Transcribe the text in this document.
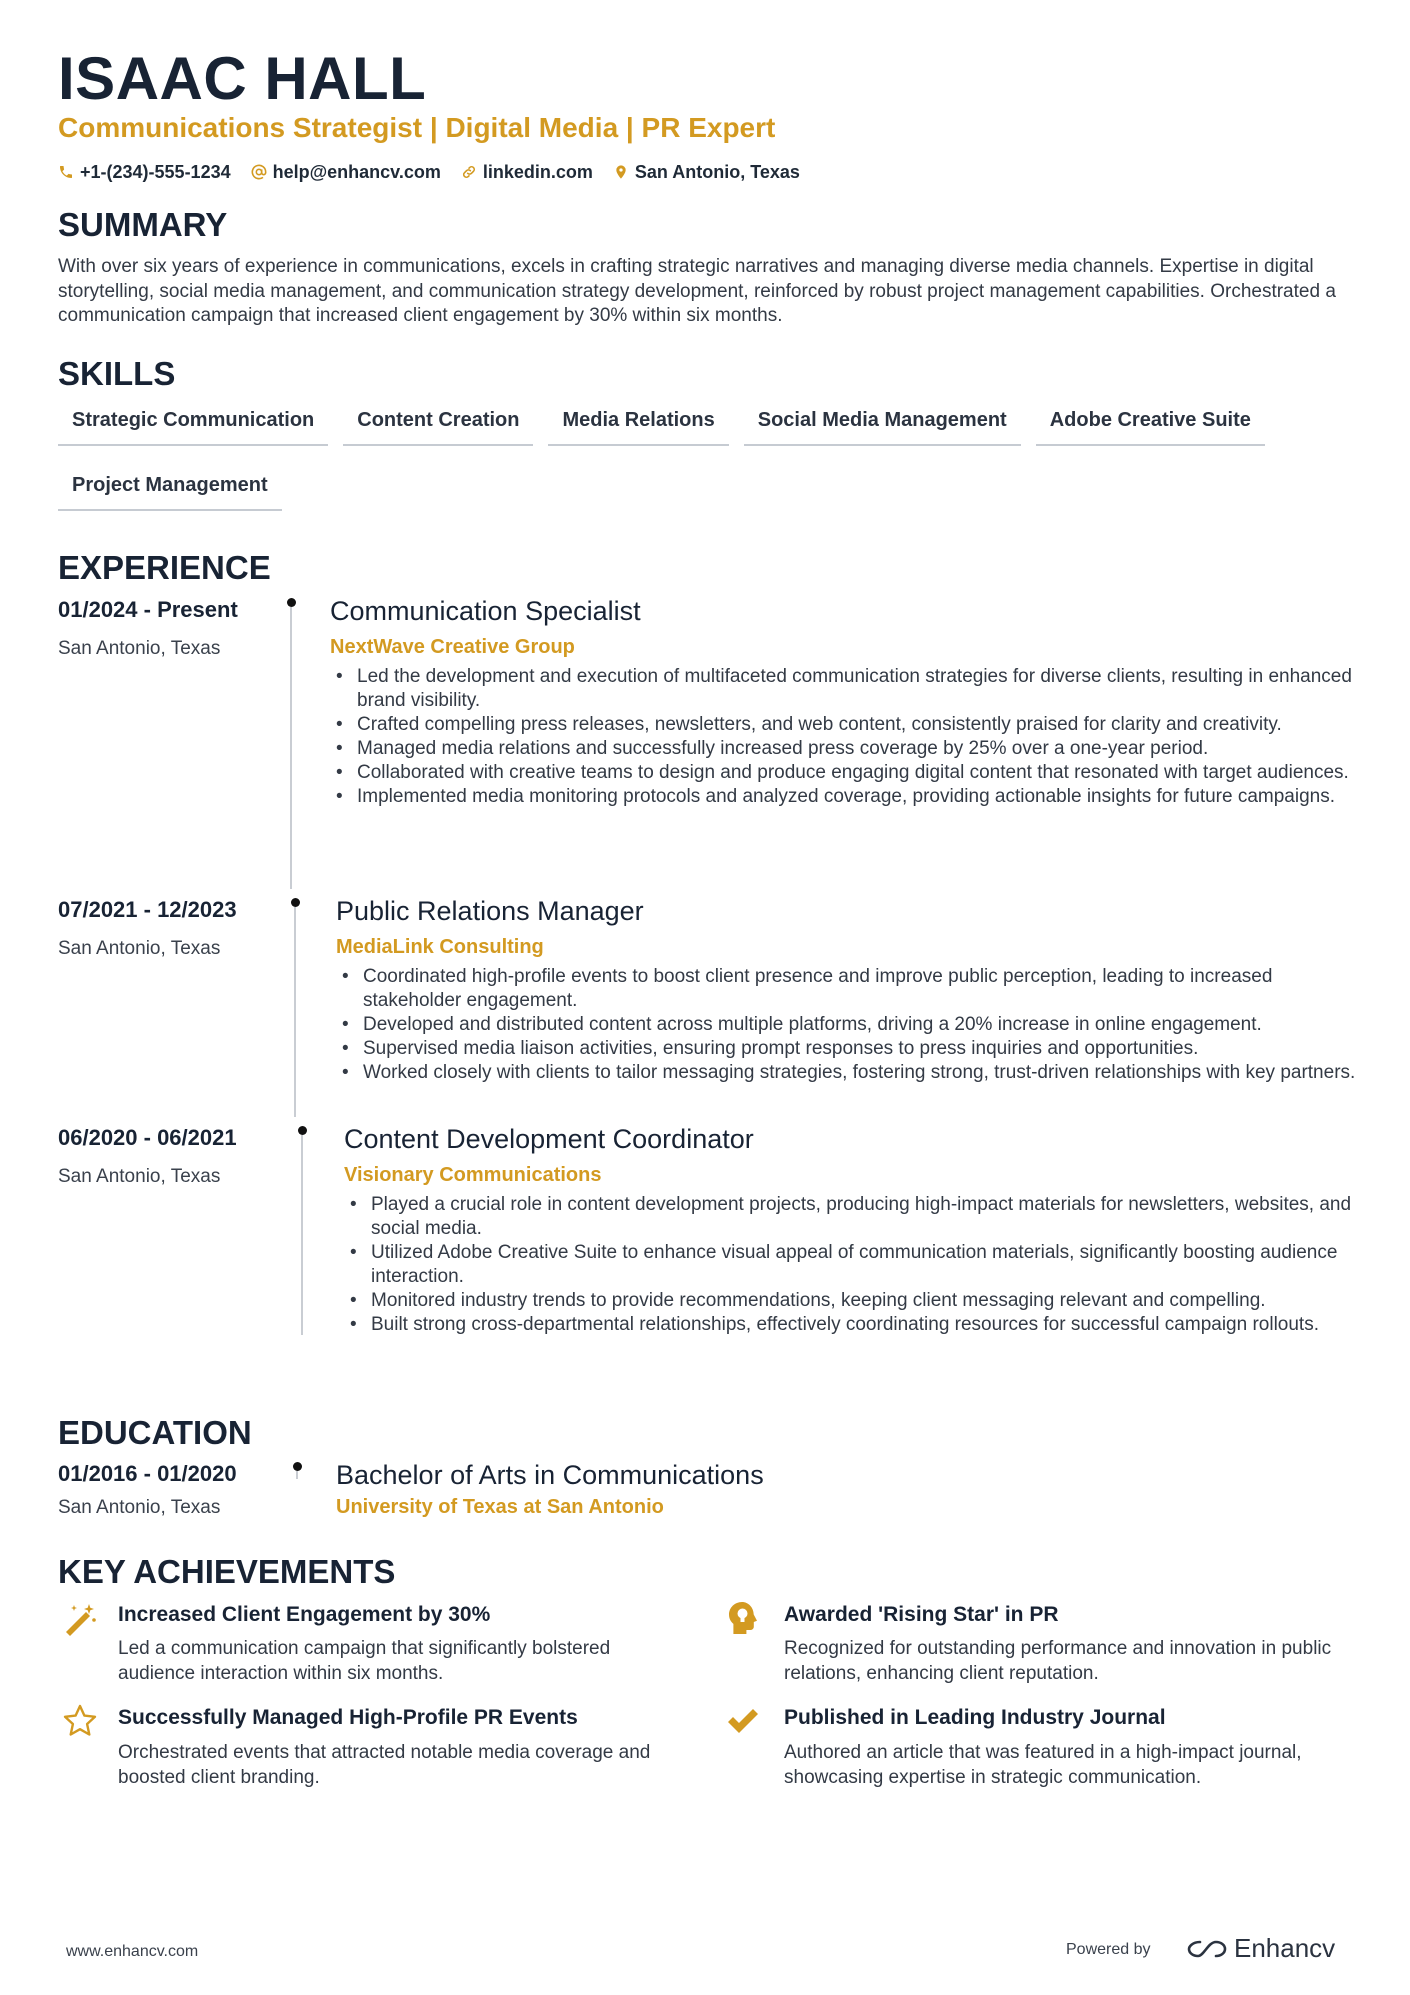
ISAAC HALL
Communications Strategist | Digital Media | PR Expert
+1-(234)-555-1234 help@enhancv.com linkedin.com San Antonio, Texas
SUMMARY
With over six years of experience in communications, excels in crafting strategic narratives and managing diverse media channels. Expertise in digital storytelling, social media management, and communication strategy development, reinforced by robust project management capabilities. Orchestrated a communication campaign that increased client engagement by 30% within six months.
SKILLS
Strategic Communication	Content Creation	Media Relations	Social Media Management	Adobe Creative Suite
Project Management
EXPERIENCE
01/2024 - Present
San Antonio, Texas
Communication Specialist
NextWave Creative Group
• Led the development and execution of multifaceted communication strategies for diverse clients, resulting in enhanced brand visibility.
• Crafted compelling press releases, newsletters, and web content, consistently praised for clarity and creativity.
• Managed media relations and successfully increased press coverage by 25% over a one-year period.
• Collaborated with creative teams to design and produce engaging digital content that resonated with target audiences.
• Implemented media monitoring protocols and analyzed coverage, providing actionable insights for future campaigns.
07/2021 - 12/2023
San Antonio, Texas
Public Relations Manager
MediaLink Consulting
• Coordinated high-profile events to boost client presence and improve public perception, leading to increased stakeholder engagement.
• Developed and distributed content across multiple platforms, driving a 20% increase in online engagement.
• Supervised media liaison activities, ensuring prompt responses to press inquiries and opportunities.
• Worked closely with clients to tailor messaging strategies, fostering strong, trust-driven relationships with key partners.
06/2020 - 06/2021
San Antonio, Texas
Content Development Coordinator
Visionary Communications
• Played a crucial role in content development projects, producing high-impact materials for newsletters, websites, and social media.
• Utilized Adobe Creative Suite to enhance visual appeal of communication materials, significantly boosting audience interaction.
• Monitored industry trends to provide recommendations, keeping client messaging relevant and compelling.
• Built strong cross-departmental relationships, effectively coordinating resources for successful campaign rollouts.
EDUCATION
01/2016 - 01/2020
San Antonio, Texas
Bachelor of Arts in Communications
University of Texas at San Antonio
KEY ACHIEVEMENTS
Increased Client Engagement by 30%
Led a communication campaign that significantly bolstered audience interaction within six months.
Awarded 'Rising Star' in PR
Recognized for outstanding performance and innovation in public relations, enhancing client reputation.
Successfully Managed High-Profile PR Events
Orchestrated events that attracted notable media coverage and boosted client branding.
Published in Leading Industry Journal
Authored an article that was featured in a high-impact journal, showcasing expertise in strategic communication.
www.enhancv.com	Powered by	Enhancv
